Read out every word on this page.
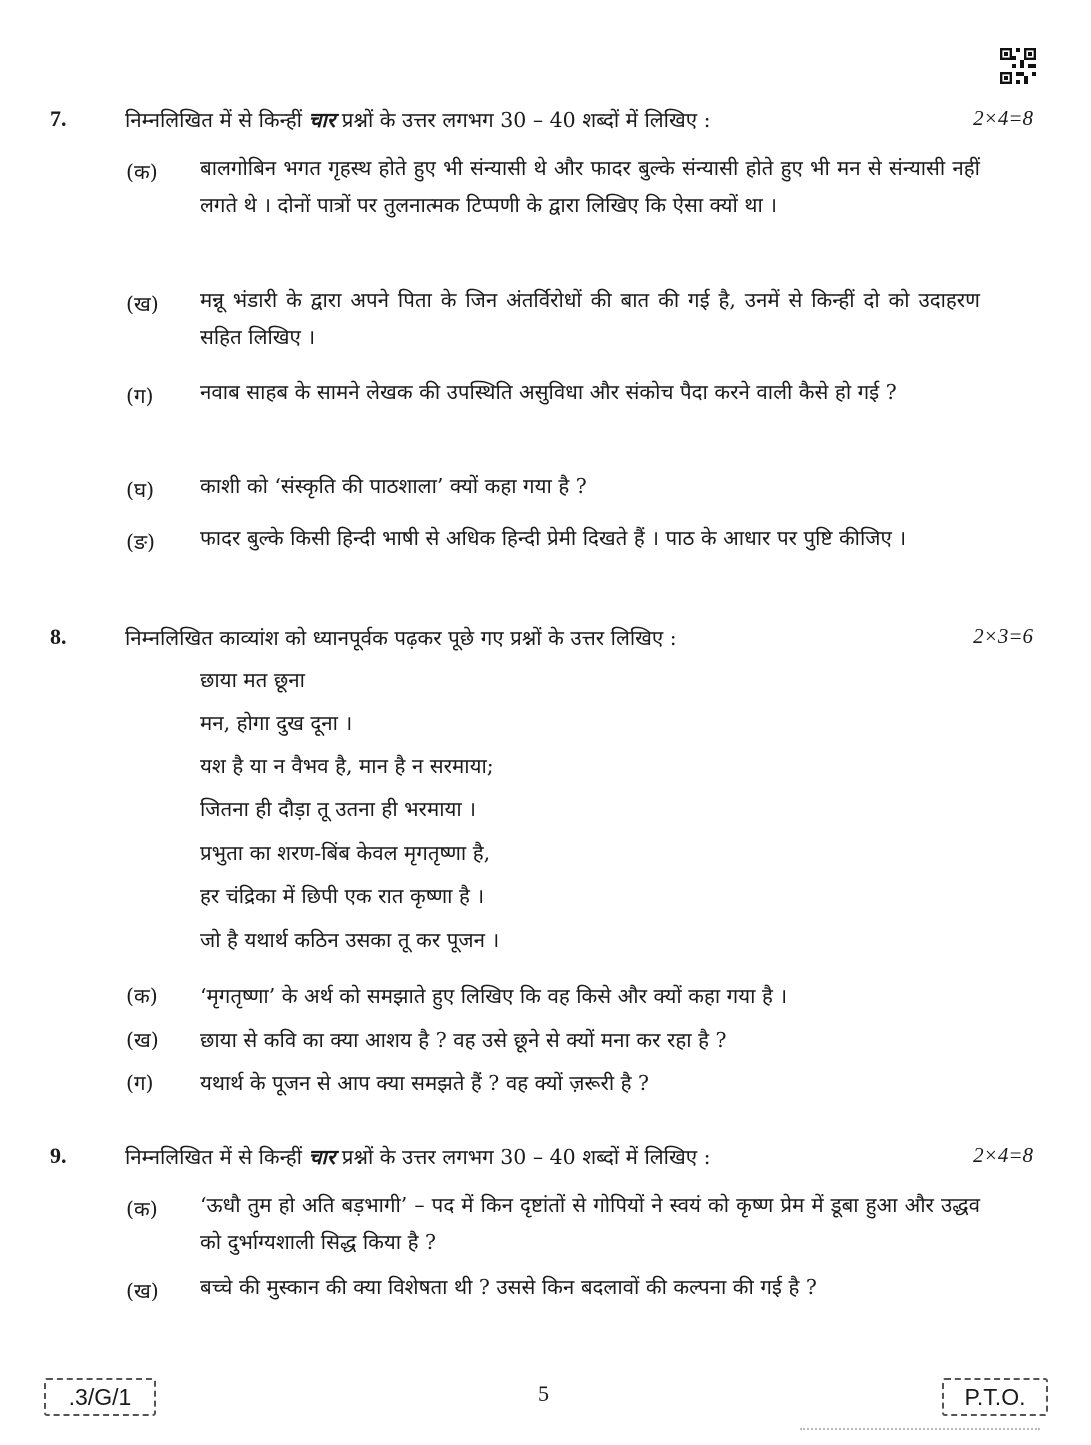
7.	निम्नलिखित में से किन्हीं चार प्रश्नों के उत्तर लगभग 30 – 40 शब्दों में लिखिए :	2×4=8
(क) बालगोबिन भगत गृहस्थ होते हुए भी संन्यासी थे और फादर बुल्के संन्यासी होते हुए भी मन से संन्यासी नहीं लगते थे । दोनों पात्रों पर तुलनात्मक टिप्पणी के द्वारा लिखिए कि ऐसा क्यों था ।
(ख) मन्नू भंडारी के द्वारा अपने पिता के जिन अंतर्विरोधों की बात की गई है, उनमें से किन्हीं दो को उदाहरण सहित लिखिए ।
(ग) नवाब साहब के सामने लेखक की उपस्थिति असुविधा और संकोच पैदा करने वाली कैसे हो गई ?
(घ) काशी को ‘संस्कृति की पाठशाला’ क्यों कहा गया है ?
(ङ) फादर बुल्के किसी हिन्दी भाषी से अधिक हिन्दी प्रेमी दिखते हैं । पाठ के आधार पर पुष्टि कीजिए ।
8.	निम्नलिखित काव्यांश को ध्यानपूर्वक पढ़कर पूछे गए प्रश्नों के उत्तर लिखिए :	2×3=6
छाया मत छूना
मन, होगा दुख दूना ।
यश है या न वैभव है, मान है न सरमाया;
जितना ही दौड़ा तू उतना ही भरमाया ।
प्रभुता का शरण-बिंब केवल मृगतृष्णा है,
हर चंद्रिका में छिपी एक रात कृष्णा है ।
जो है यथार्थ कठिन उसका तू कर पूजन ।
(क) ‘मृगतृष्णा’ के अर्थ को समझाते हुए लिखिए कि वह किसे और क्यों कहा गया है ।
(ख) छाया से कवि का क्या आशय है ? वह उसे छूने से क्यों मना कर रहा है ?
(ग) यथार्थ के पूजन से आप क्या समझते हैं ? वह क्यों ज़रूरी है ?
9.	निम्नलिखित में से किन्हीं चार प्रश्नों के उत्तर लगभग 30 – 40 शब्दों में लिखिए :	2×4=8
(क) ‘ऊधौ तुम हो अति बड़भागी’ – पद में किन दृष्टांतों से गोपियों ने स्वयं को कृष्ण प्रेम में डूबा हुआ और उद्धव को दुर्भाग्यशाली सिद्ध किया है ?
(ख) बच्चे की मुस्कान की क्या विशेषता थी ? उससे किन बदलावों की कल्पना की गई है ?
.3/G/1	5	P.T.O.
